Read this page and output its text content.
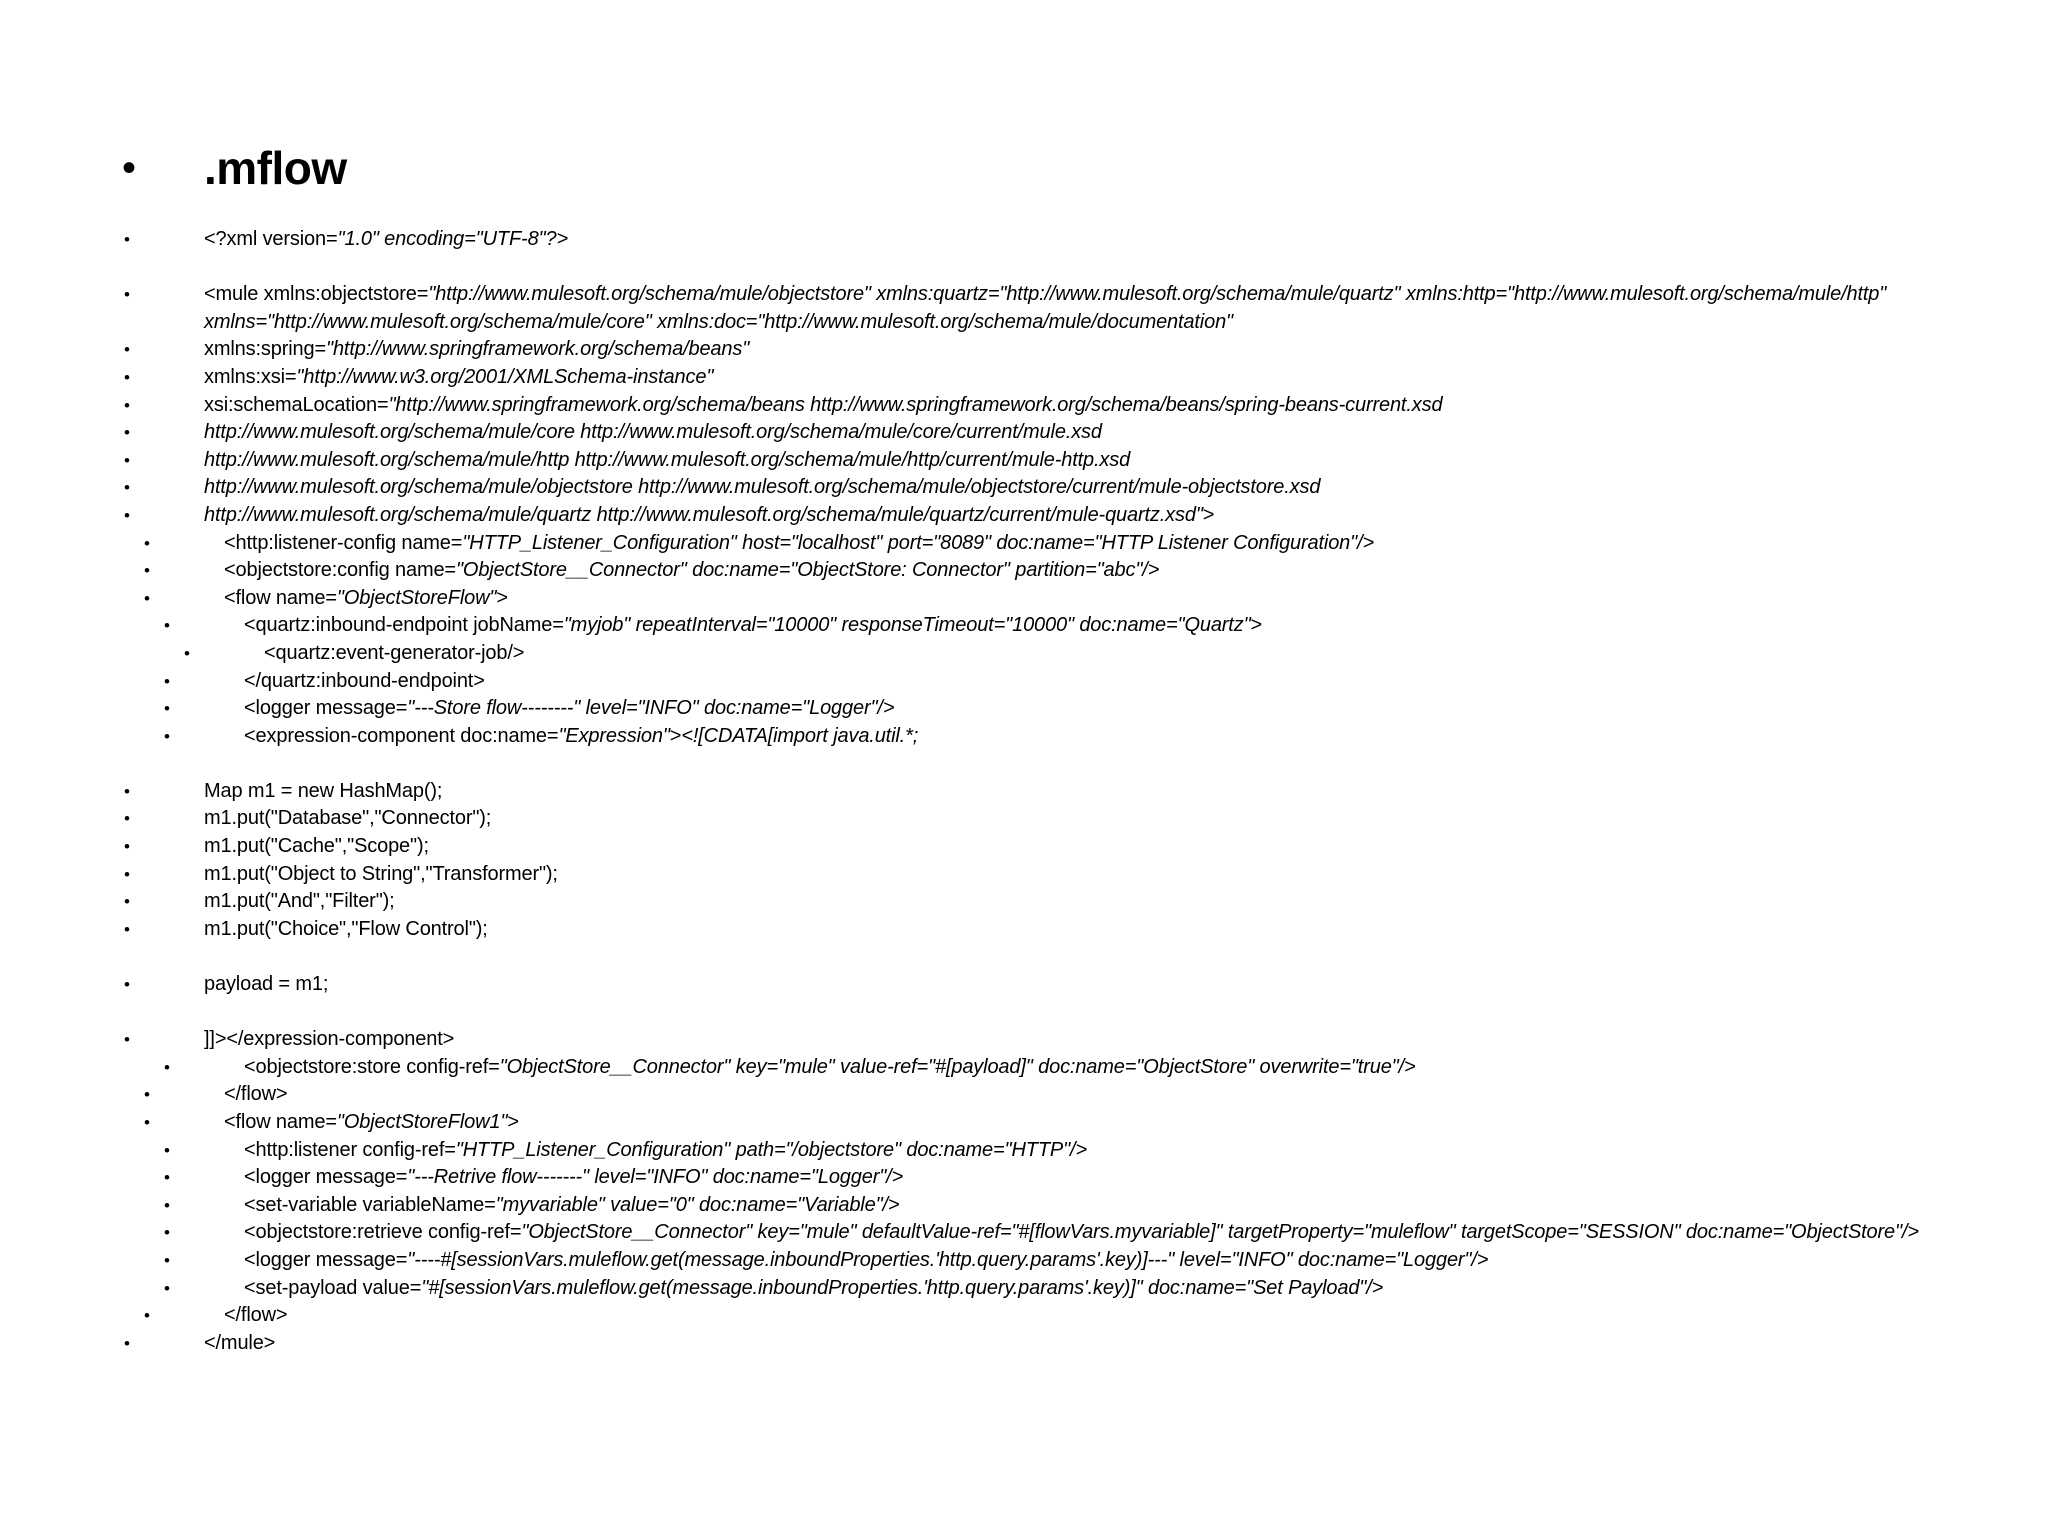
•	.mflow
• <?xml version="1.0" encoding="UTF-8"?>
• <mule xmlns:objectstore="http://www.mulesoft.org/schema/mule/objectstore" xmlns:quartz="http://www.mulesoft.org/schema/mule/quartz" xmlns:http="http://www.mulesoft.org/schema/mule/http" xmlns="http://www.mulesoft.org/schema/mule/core" xmlns:doc="http://www.mulesoft.org/schema/mule/documentation"
• xmlns:spring="http://www.springframework.org/schema/beans"
• xmlns:xsi="http://www.w3.org/2001/XMLSchema-instance"
• xsi:schemaLocation="http://www.springframework.org/schema/beans http://www.springframework.org/schema/beans/spring-beans-current.xsd
• http://www.mulesoft.org/schema/mule/core http://www.mulesoft.org/schema/mule/core/current/mule.xsd
• http://www.mulesoft.org/schema/mule/http http://www.mulesoft.org/schema/mule/http/current/mule-http.xsd
• http://www.mulesoft.org/schema/mule/objectstore http://www.mulesoft.org/schema/mule/objectstore/current/mule-objectstore.xsd
• http://www.mulesoft.org/schema/mule/quartz http://www.mulesoft.org/schema/mule/quartz/current/mule-quartz.xsd">
• <http:listener-config name="HTTP_Listener_Configuration" host="localhost" port="8089" doc:name="HTTP Listener Configuration"/>
• <objectstore:config name="ObjectStore__Connector" doc:name="ObjectStore: Connector" partition="abc"/>
• <flow name="ObjectStoreFlow">
• <quartz:inbound-endpoint jobName="myjob" repeatInterval="10000" responseTimeout="10000" doc:name="Quartz">
• <quartz:event-generator-job/>
• </quartz:inbound-endpoint>
• <logger message="---Store flow--------" level="INFO" doc:name="Logger"/>
• <expression-component doc:name="Expression"><![CDATA[import java.util.*;
• Map m1 = new HashMap();
• m1.put("Database","Connector");
• m1.put("Cache","Scope");
• m1.put("Object to String","Transformer");
• m1.put("And","Filter");
• m1.put("Choice","Flow Control");
• payload = m1;
• ]]></expression-component>
• <objectstore:store config-ref="ObjectStore__Connector" key="mule" value-ref="#[payload]" doc:name="ObjectStore" overwrite="true"/>
• </flow>
• <flow name="ObjectStoreFlow1">
• <http:listener config-ref="HTTP_Listener_Configuration" path="/objectstore" doc:name="HTTP"/>
• <logger message="---Retrive flow-------" level="INFO" doc:name="Logger"/>
• <set-variable variableName="myvariable" value="0" doc:name="Variable"/>
• <objectstore:retrieve config-ref="ObjectStore__Connector" key="mule" defaultValue-ref="#[flowVars.myvariable]" targetProperty="muleflow" targetScope="SESSION" doc:name="ObjectStore"/>
• <logger message="----#[sessionVars.muleflow.get(message.inboundProperties.'http.query.params'.key)]---" level="INFO" doc:name="Logger"/>
• <set-payload value="#[sessionVars.muleflow.get(message.inboundProperties.'http.query.params'.key)]" doc:name="Set Payload"/>
• </flow>
• </mule>
